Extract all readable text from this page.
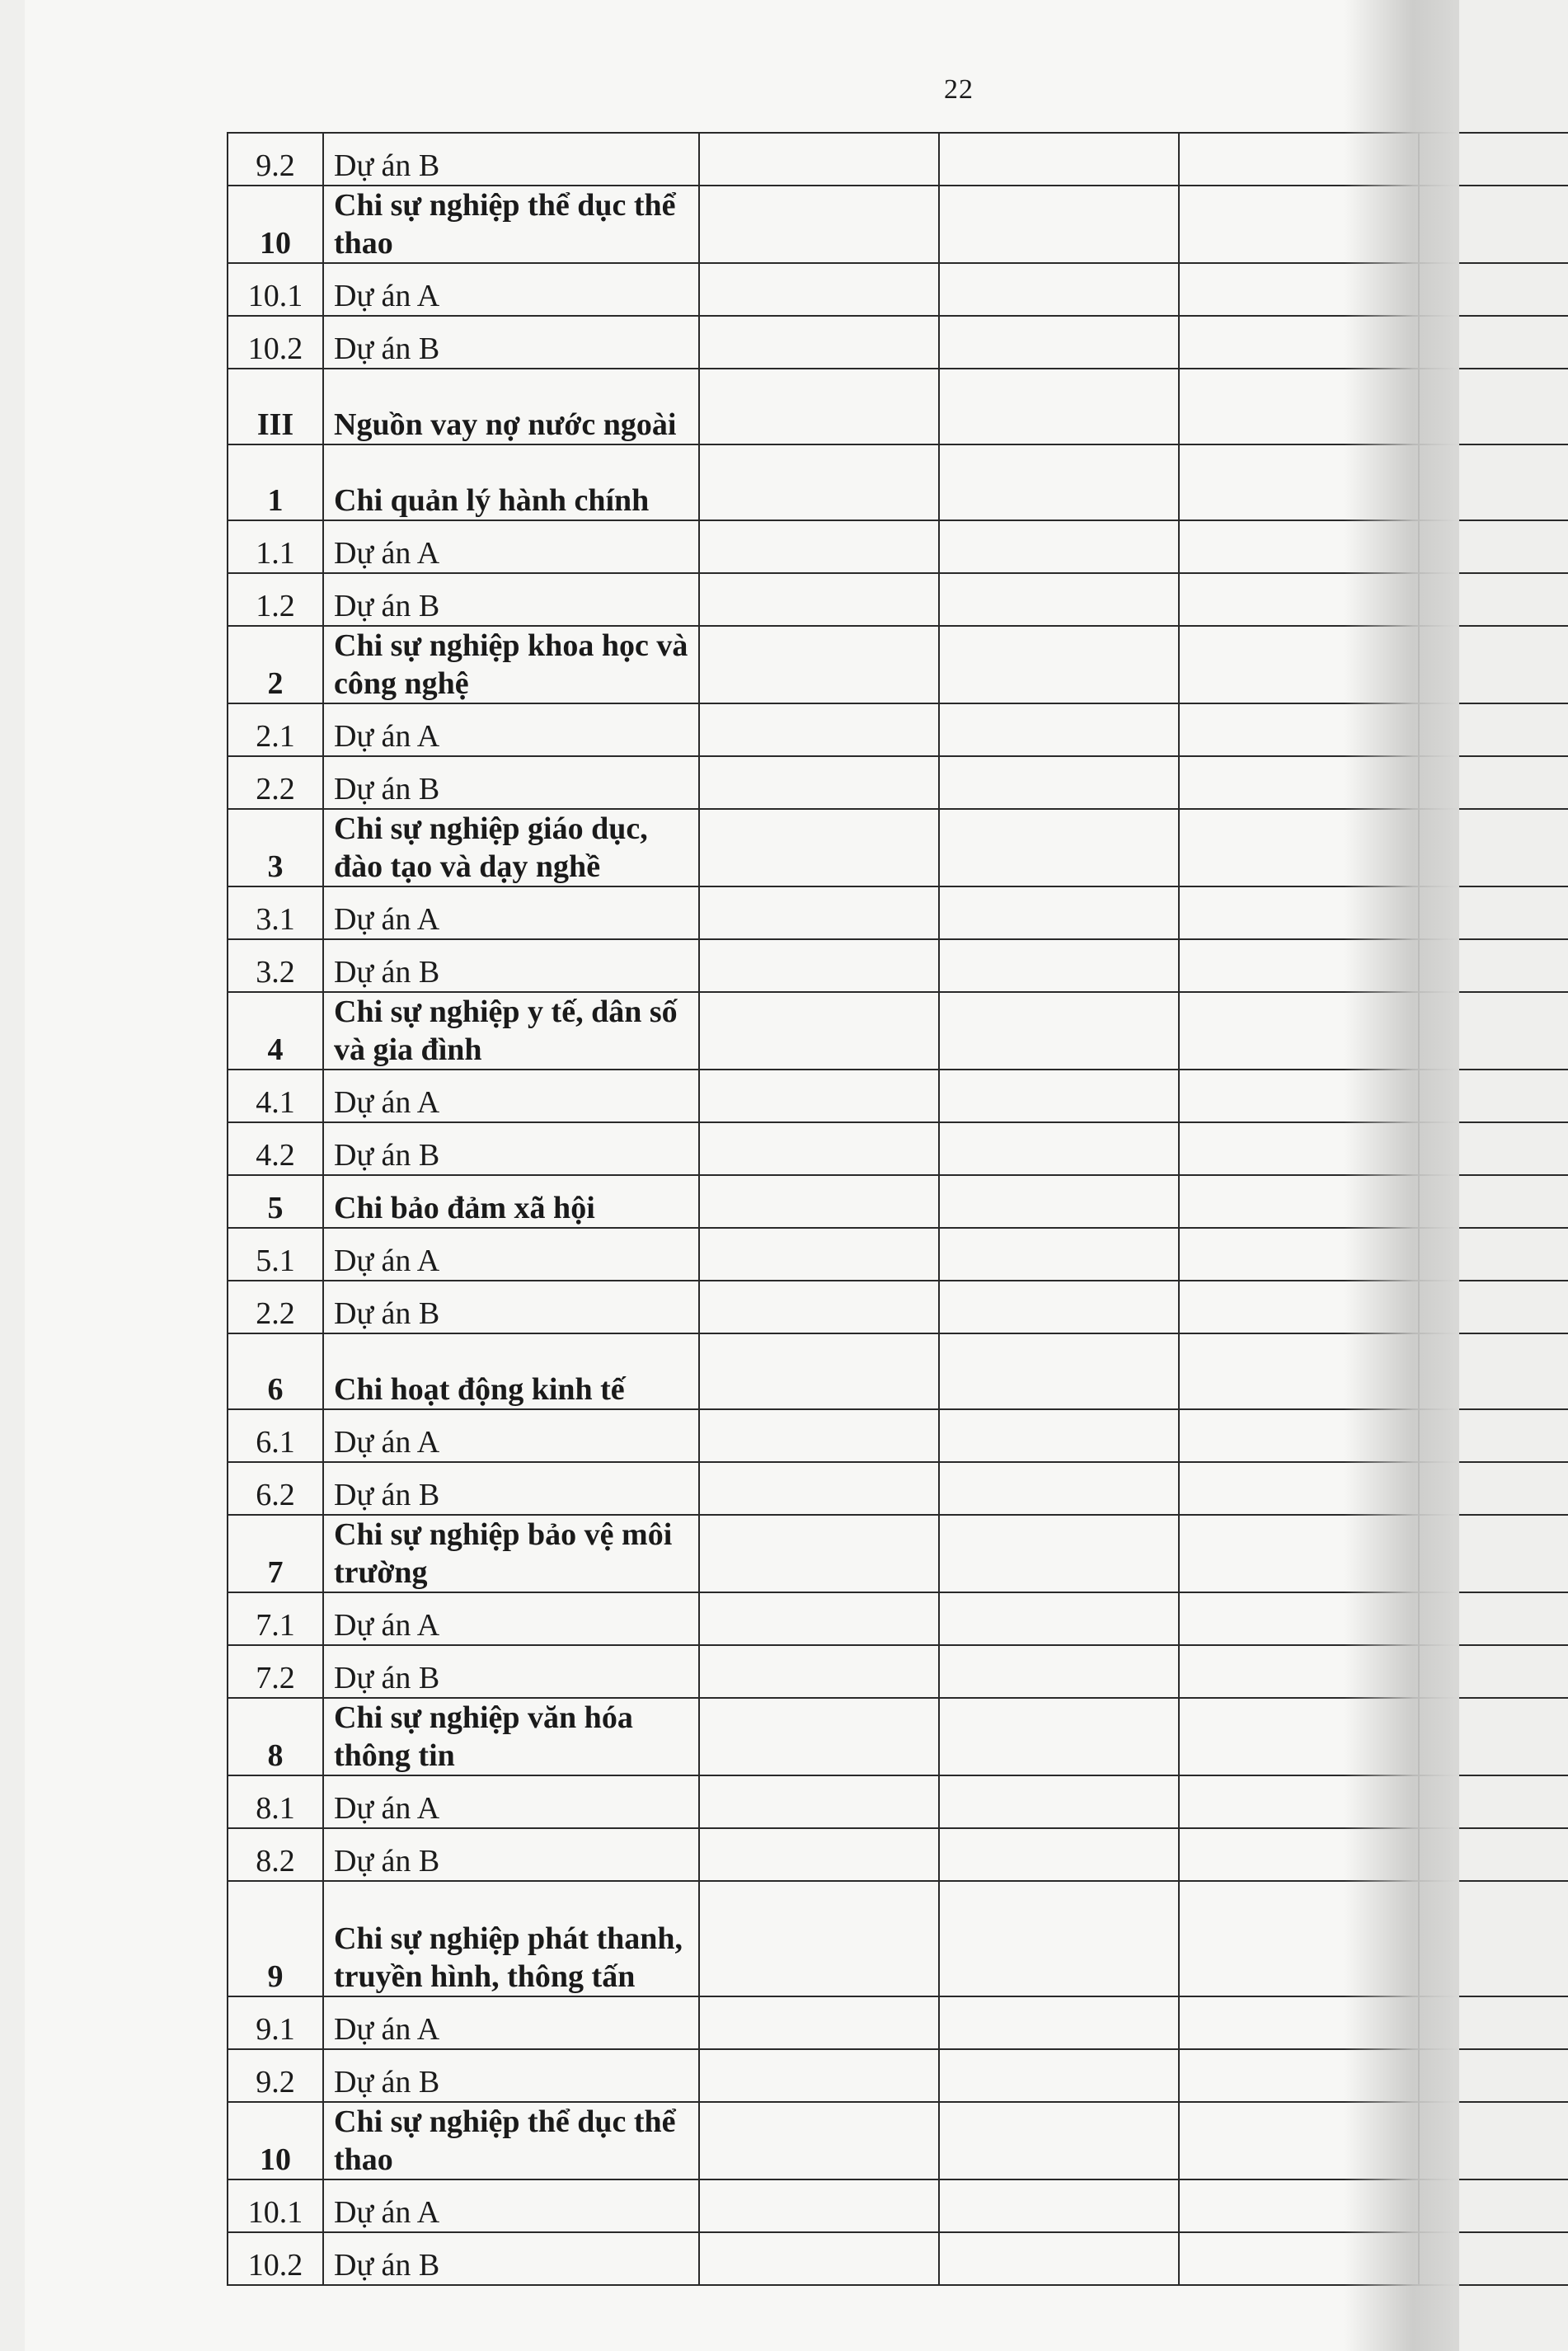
22
9.2	Dự án B				
10	Chi sự nghiệp thể dục thể thao				
10.1	Dự án A				
10.2	Dự án B				
III	Nguồn vay nợ nước ngoài				
1	Chi quản lý hành chính				
1.1	Dự án A				
1.2	Dự án B				
2	Chi sự nghiệp khoa học và công nghệ				
2.1	Dự án A				
2.2	Dự án B				
3	Chi sự nghiệp giáo dục, đào tạo và dạy nghề				
3.1	Dự án A				
3.2	Dự án B				
4	Chi sự nghiệp y tế, dân số và gia đình				
4.1	Dự án A				
4.2	Dự án B				
5	Chi bảo đảm xã hội				
5.1	Dự án A				
2.2	Dự án B				
6	Chi hoạt động kinh tế				
6.1	Dự án A				
6.2	Dự án B				
7	Chi sự nghiệp bảo vệ môi trường				
7.1	Dự án A				
7.2	Dự án B				
8	Chi sự nghiệp văn hóa thông tin				
8.1	Dự án A				
8.2	Dự án B				
9	Chi sự nghiệp phát thanh, truyền hình, thông tấn				
9.1	Dự án A				
9.2	Dự án B				
10	Chi sự nghiệp thể dục thể thao				
10.1	Dự án A				
10.2	Dự án B				
